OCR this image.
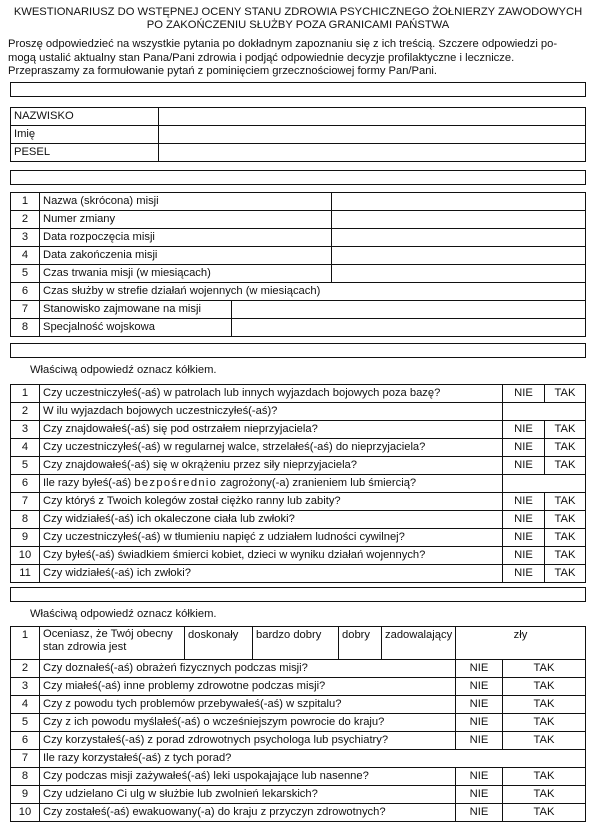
KWESTIONARIUSZ DO WSTĘPNEJ OCENY STANU ZDROWIA PSYCHICZNEGO ŻOŁNIERZY ZAWODOWYCH
PO ZAKOŃCZENIU SŁUŻBY POZA GRANICAMI PAŃSTWA
Proszę odpowiedzieć na wszystkie pytania po dokładnym zapoznaniu się z ich treścią. Szczere odpowiedzi po-
mogą ustalić aktualny stan Pana/Pani zdrowia i podjąć odpowiednie decyzje profilaktyczne i lecznicze.
Przepraszamy za formułowanie pytań z pominięciem grzecznościowej formy Pan/Pani.
NAZWISKO	
Imię	
PESEL	
1	Nazwa (skrócona) misji		
2	Numer zmiany		
3	Data rozpoczęcia misji		
4	Data zakończenia misji		
5	Czas trwania misji (w miesiącach)		
6	Czas służby w strefie działań wojennych (w miesiącach)		
7	Stanowisko zajmowane na misji		
8	Specjalność wojskowa		
Właściwą odpowiedź oznacz kółkiem.
1	Czy uczestniczyłeś(-aś) w patrolach lub innych wyjazdach bojowych poza bazę?	NIE	TAK
2	W ilu wyjazdach bojowych uczestniczyłeś(-aś)?		
3	Czy znajdowałeś(-aś) się pod ostrzałem nieprzyjaciela?	NIE	TAK
4	Czy uczestniczyłeś(-aś) w regularnej walce, strzelałeś(-aś) do nieprzyjaciela?	NIE	TAK
5	Czy znajdowałeś(-aś) się w okrążeniu przez siły nieprzyjaciela?	NIE	TAK
6	Ile razy byłeś(-aś) bezpośrednio zagrożony(-a) zranieniem lub śmiercią?		
7	Czy któryś z Twoich kolegów został ciężko ranny lub zabity?	NIE	TAK
8	Czy widziałeś(-aś) ich okaleczone ciała lub zwłoki?	NIE	TAK
9	Czy uczestniczyłeś(-aś) w tłumieniu napięć z udziałem ludności cywilnej?	NIE	TAK
10	Czy byłeś(-aś) świadkiem śmierci kobiet, dzieci w wyniku działań wojennych?	NIE	TAK
11	Czy widziałeś(-aś) ich zwłoki?	NIE	TAK
Właściwą odpowiedź oznacz kółkiem.
1	Oceniasz, że Twój obecny stan zdrowia jest	doskonały	bardzo dobry	dobry	zadowalający	zły	
2	Czy doznałeś(-aś) obrażeń fizycznych podczas misji?					NIE	TAK
3	Czy miałeś(-aś) inne problemy zdrowotne podczas misji?					NIE	TAK
4	Czy z powodu tych problemów przebywałeś(-aś) w szpitalu?					NIE	TAK
5	Czy z ich powodu myślałeś(-aś) o wcześniejszym powrocie do kraju?					NIE	TAK
6	Czy korzystałeś(-aś) z porad zdrowotnych psychologa lub psychiatry?					NIE	TAK
7	Ile razy korzystałeś(-aś) z tych porad?						
8	Czy podczas misji zażywałeś(-aś) leki uspokajające lub nasenne?					NIE	TAK
9	Czy udzielano Ci ulg w służbie lub zwolnień lekarskich?					NIE	TAK
10	Czy zostałeś(-aś) ewakuowany(-a) do kraju z przyczyn zdrowotnych?					NIE	TAK
